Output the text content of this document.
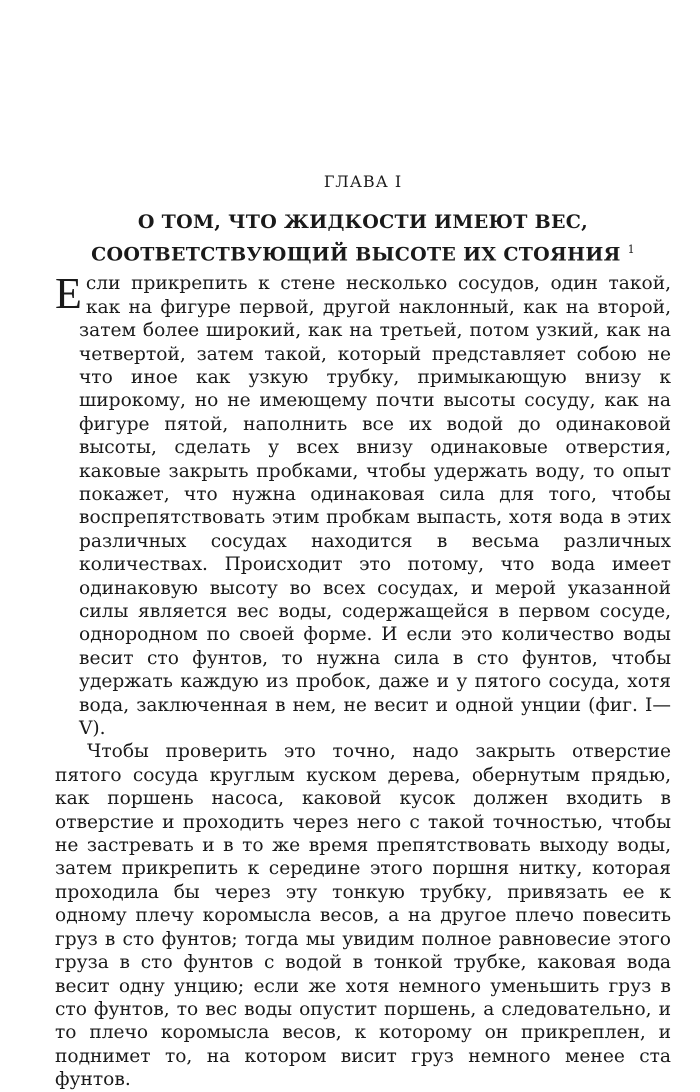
ГЛАВА I
О ТОМ, ЧТО ЖИДКОСТИ ИМЕЮТ ВЕС,
СООТВЕТСТВУЮЩИЙ ВЫСОТЕ ИХ СТОЯНИЯ $^1$

Если прикрепить к стене несколько сосудов, один такой, как на фигуре первой, другой наклонный, как на второй, затем более широкий, как на третьей, потом узкий, как на четвертой, затем такой, который представляет собою не что иное как узкую трубку, примыкающую внизу к широкому, но не имеющему почти высоты сосуду, как на фигуре пятой, наполнить все их водой до одинаковой высоты, сделать у всех внизу одинаковые отверстия, каковые закрыть пробками, чтобы удержать воду, то опыт покажет, что нужна одинаковая сила для того, чтобы воспрепятствовать этим пробкам выпасть, хотя вода в этих различных сосудах находится в весьма различных количествах. Происходит это потому, что вода имеет одинаковую высоту во всех сосудах, и мерой указанной силы является вес воды, содержащейся в первом сосуде, однородном по своей форме. И если это количество воды весит сто фунтов, то нужна сила в сто фунтов, чтобы удержать каждую из пробок, даже и у пятого сосуда, хотя вода, заключенная в нем, не весит и одной унции (фиг. I—V).

Чтобы проверить это точно, надо закрыть отверстие пятого сосуда круглым куском дерева, обернутым прядью, как поршень насоса, каковой кусок должен входить в отверстие и проходить через него с такой точностью, чтобы не застревать и в то же время препятствовать выходу воды, затем прикрепить к середине этого поршня нитку, которая проходила бы через эту тонкую трубку, привязать ее к одному плечу коромысла весов, а на другое плечо повесить груз в сто фунтов; тогда мы увидим полное равновесие этого груза в сто фунтов с водой в тонкой трубке, каковая вода весит одну унцию; если же хотя немного уменьшить груз в сто фунтов, то вес воды опустит поршень, а следовательно, и то плечо коромысла весов, к которому он прикреплен, и поднимет то, на котором висит груз немного менее ста фунтов.
